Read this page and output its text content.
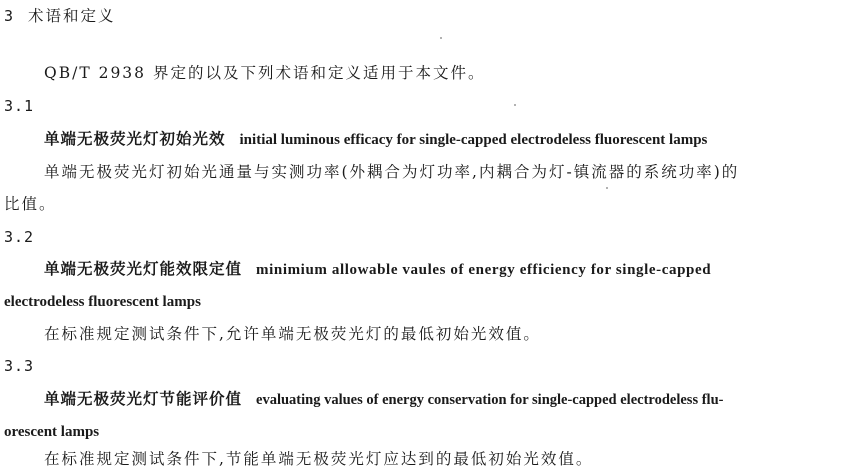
3 术语和定义
QB/T 2938 界定的以及下列术语和定义适用于本文件。
3.1
单端无极荧光灯初始光效 initial luminous efficacy for single-capped electrodeless fluorescent lamps
单端无极荧光灯初始光通量与实测功率(外耦合为灯功率,内耦合为灯-镇流器的系统功率)的
比值。
3.2
单端无极荧光灯能效限定值 minimium allowable vaules of energy efficiency for single-capped
electrodeless fluorescent lamps
在标准规定测试条件下,允许单端无极荧光灯的最低初始光效值。
3.3
单端无极荧光灯节能评价值 evaluating values of energy conservation for single-capped electrodeless flu-
orescent lamps
在标准规定测试条件下,节能单端无极荧光灯应达到的最低初始光效值。
